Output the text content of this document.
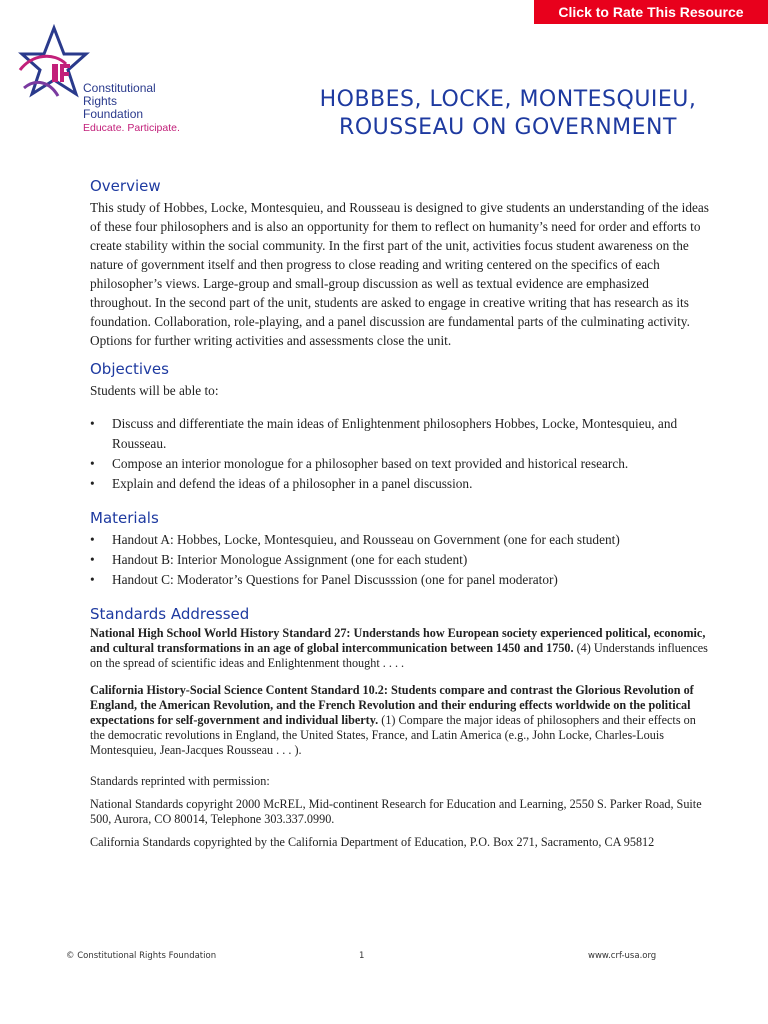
Click to Rate This Resource
Constitutional
Rights
Foundation
Educate. Participate.
HOBBES, LOCKE, MONTESQUIEU,
ROUSSEAU ON GOVERNMENT
Overview

This study of Hobbes, Locke, Montesquieu, and Rousseau is designed to give students an understanding of the ideas of these four philosophers and is also an opportunity for them to reflect on humanity’s need for order and efforts to create stability within the social community. In the first part of the unit, activities focus student awareness on the nature of government itself and then progress to close reading and writing centered on the specifics of each philosopher’s views. Large-group and small-group discussion as well as textual evidence are emphasized throughout. In the second part of the unit, students are asked to engage in creative writing that has research as its foundation. Collaboration, role-playing, and a panel discussion are fundamental parts of the culminating activity. Options for further writing activities and assessments close the unit.

Objectives

Students will be able to:

• Discuss and differentiate the main ideas of Enlightenment philosophers Hobbes, Locke, Montesquieu, and Rousseau.
• Compose an interior monologue for a philosopher based on text provided and historical research.
• Explain and defend the ideas of a philosopher in a panel discussion.
Materials
• Handout A: Hobbes, Locke, Montesquieu, and Rousseau on Government (one for each student)
• Handout B: Interior Monologue Assignment (one for each student)
• Handout C: Moderator’s Questions for Panel Discusssion (one for panel moderator)
Standards Addressed

National High School World History Standard 27: Understands how European society experienced political, economic, and cultural transformations in an age of global intercommunication between 1450 and 1750. (4) Understands influences on the spread of scientific ideas and Enlightenment thought . . . .

California History-Social Science Content Standard 10.2: Students compare and contrast the Glorious Revolution of England, the American Revolution, and the French Revolution and their enduring effects worldwide on the political expectations for self-government and individual liberty. (1) Compare the major ideas of philosophers and their effects on the democratic revolutions in England, the United States, France, and Latin America (e.g., John Locke, Charles-Louis Montesquieu, Jean-Jacques Rousseau . . . ).

Standards reprinted with permission:

National Standards copyright 2000 McREL, Mid-continent Research for Education and Learning, 2550 S. Parker Road, Suite 500, Aurora, CO 80014, Telephone 303.337.0990.

California Standards copyrighted by the California Department of Education, P.O. Box 271, Sacramento, CA 95812

© Constitutional Rights Foundation	1	www.crf-usa.org
